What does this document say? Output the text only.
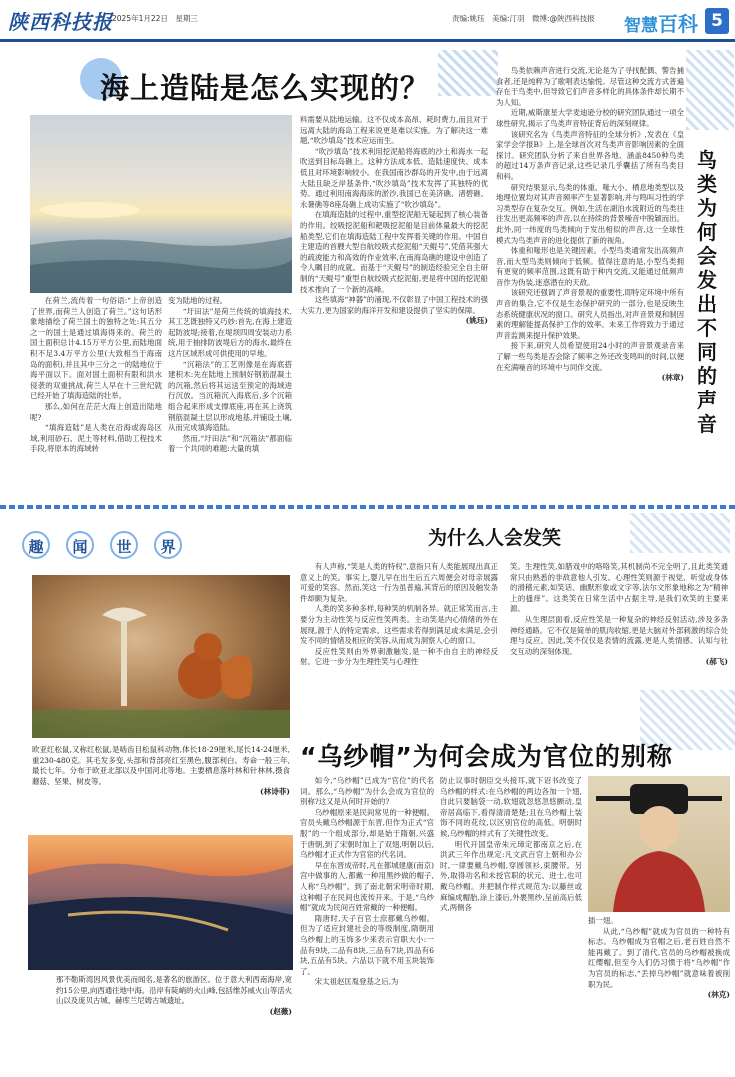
陕西科技报 2025年1月22日　星期三	责编:姚珏　美编:汀羽　微博:@陕西科技报 智慧百科 5
海上造陆是怎么实现的？

在荷兰,流传着一句俗语:“上帝创造了世界,而荷兰人创造了荷兰。”这句话形象地描绘了荷兰国土的独特之处:其五分之一的国土是通过填海得来的。荷兰的国土面积总计4.15万平方公里,而陆地面积不足3.4万平方公里(大致相当于海南岛的面积),并且其中三分之一的陆地位于海平面以下。面对国土面积有限和洪水侵袭的双重挑战,荷兰人早在十三世纪就已经开始了填海造陆的壮举。

那么,如何在茫茫大海上创造出陆地呢?

“填海造陆”是人类在沿海或海岛区域,利用砂石、泥土等材料,借助工程技术手段,将原本的海域转

变为陆地的过程。

“圩田法”是荷兰传统的填海技术,其工艺既独特又巧妙:首先,在海上建造起防波堤;接着,在堤坝四周安装动力系统,用于抽排防波堤后方的海水,最终在这片区域形成可供使用的早地。

“沉箱法”的工艺则像是在海底搭建积木:先在陆地上预制好钢筋混凝土的沉箱,然后将其运送至预定的海域进行沉放。当沉箱沉入海底后,多个沉箱组合起来形成支撑底座,再在其上浇筑钢筋混凝土层以形成地基,并铺设土壤,从而完成填海造陆。

然而,“圩田法”和“沉箱法”都面临着一个共同的难题:大量的填

料需要从陆地运输。这不仅成本高昂、耗时费力,而且对于远离大陆的海岛工程来说更是难以实施。为了解决这一难题,“吹沙填岛”技术应运而生。

“吹沙填岛”技术利用挖泥船将海底的沙土和海水一起吹送到目标岛礁上。这种方法成本低、造陆速度快、成本低且对环境影响较小。在我国南沙群岛的开发中,由于远离大陆且缺乏岸基条件,“吹沙填岛”技术发挥了其独特的优势。通过利用南海海床的淤沙,我国已在美济礁、渚碧礁、永暑礁等8座岛礁上成功实施了“吹沙填岛”。

在填海造陆的过程中,重型挖泥船无疑起到了核心装备的作用。绞吸挖泥船和耙吸挖泥船是目前体量最大的挖泥船类型,它们在填海造陆工程中发挥着关键的作用。中国自主建造的首艘大型自航绞吸式挖泥船“天鲲号”,凭借其强大的疏浚能力和高效的作业效率,在南海岛礁的建设中创造了令人瞩目的成就。而基于“天鲲号”的制造经验完全自主研制的“天鲲号”重型自航绞吸式挖泥船,更是将中国的挖泥船技术推向了一个新的高峰。

这些填海“神器”的涌现,不仅彰显了中国工程技术的强大实力,更为国家的海洋开发和建设提供了坚实的保障。

(姚珏)
鸟类为何会发出不同的声音

鸟类依赖声音进行交流,无论是为了寻找配偶、警告捕食者,还是纯粹为了歌唱表达愉悦。尽管这种交流方式普遍存在于鸟类中,但导致它们声音多样化的具体条件却长期不为人知。

近期,威斯康星大学麦迪逊分校的研究团队通过一项全球性研究,揭示了鸟类声音特征背后的深刻规律。

该研究名为《鸟类声音特征的全球分析》,发表在《皇家学会学报B》上,是全球首次对鸟类声音影响因素的全面探讨。研究团队分析了来自世界各地、涵盖8450种鸟类的超过14万条声音记录,这些记录几乎囊括了所有鸟类目和科。

研究结果显示,鸟类的体重、喙大小、栖息地类型以及地理位置均对其声音频率产生显著影响,并与鸣叫习性的学习类型存在复杂交互。例如,生活在湖泊水流附近的鸟类往往发出更高频率的声音,以在持续的背景噪音中脱颖而出。此外,同一纬度的鸟类倾向于发出相似的声音,这一全球性模式为鸟类声音的进化提供了新的视角。

体重和喙形也是关键因素。小型鸟类通常发出高频声音,而大型鸟类则倾向于低频。值得注意的是,小型鸟类拥有更宽的频率范围,这既有助于种内交流,又能通过低频声音作为伪装,迷惑潜在的天敌。

该研究还强调了声音景观的重要性,即特定环境中所有声音的集合,它不仅是生态保护研究的一部分,也是反映生态系统健康状况的窗口。研究人员指出,对声音景观和制因素的理解能提高保护工作的效率。未来工作将致力于通过声音监测来提升保护效果。

接下来,研究人员希望使用24小时的声音景观录音来了解一些鸟类是否会除了频率之外还改变鸣叫的时间,以便在充满噪音的环境中与同伴交流。

(林章)
趣	闻	世	界	为什么人会发笑
欧亚红松鼠,又称红松鼠,是啮齿目松鼠科动物,体长18-29厘米,尾长14-24厘米,重230-480克。其毛发多变,头部和背部亮红至黑色,腹部利白。寿命一般三年,最长七年。分布于欧亚北部以及中国河北等地。主要栖息落叶林和针林林,摄食蘑菇、坚果、树皮等。
(林诗菲)

有人声称,“笑是人类的特权”,意指只有人类能展现出真正意义上的笑。事实上,婴儿早在出生后五六周便会对母亲展露可爱的笑容。然而,笑这一行为虽普遍,其背后的原因及触发条件却颇为复杂。

人类的笑多种多样,每种笑的机制各异。就正常笑而言,主要分为主动性笑与反应性笑两类。主动笑是内心情绪的外在展现,源于人的特定需求。这些需求若得到满足或未满足,会引发不同的情绪及相应的笑容,从而成为洞察人心的窗口。

反应性笑则由外界刺激触发,是一种不由自主的神经反射。它进一步分为生理性笑与心理性

笑。生理性笑,如腊戏中的咯咯笑,其机制尚不完全明了,且此类笑通常只由熟悉的非敌意他人引发。心理性笑则源于视觉、听觉或身体的滑稽元素,如笑话、幽默形象或文字等,法尔文形象地称之为“精神上的搔痒”。这类笑在日常生活中占据主导,是我们欢笑的主要来源。

从生理层面看,反应性笑是一种复杂的神经反射活动,涉及多条神经通路。它不仅是简单的肌肉收缩,更是大脑对外部刺激的综合处理与反应。因此,笑不仅仅是表情的流露,更是人类情感、认知与社交互动的深刻体现。

(郝飞)
“乌纱帽”为何会成为官位的别称
那不勒斯湾因风景优美而闻名,是著名的旅游区。位于意大利西南海岸,宽约15公里,向西通往地中海。沿岸有陡峭的火山峰,包括维苏威火山等活火山以及庞贝古城、赫库兰尼姆古城遗址。
(赵薇)

如今,“乌纱帽”已成为“官位”的代名词。那么,“乌纱帽”为什么会成为官位的别称?这又是从何时开始的?

乌纱帽原来是民间常见的一种便帽。官员头戴乌纱帽源于东晋,但作为正式“官服”的一个组成部分,却是始于隋朝,兴盛于唐朝,到了宋朝时加上了双翅,明朝以后,乌纱帽才正式作为官宦的代名词。

早在东晋成帝时,凡在都城建康(南京)宫中做事的人,都戴一种用黑纱做的帽子,人称“乌纱帽”。到了南北朝宋明帝时期,这种帽子在民间也流传开来。于是,“乌纱帽”就成为民间百姓常戴的一种便帽。

隋唐时,天子百官士庶都戴乌纱帽。但为了适应封建社会的等级制度,隋朝用乌纱帽上的玉饰多少来表示官职大小:一品有9块,二品有8块,三品有7块,四品有6块,五品有5块。六品以下就不用玉块装饰了。

宋太祖赵匡胤登基之后,为

防止议事时朝臣交头接耳,就下诏书改变了乌纱帽的样式:在乌纱帽的两边各加一个翅,自此只要脑袋一动,软翅就忽悠忽悠颤动,皇帝居高临下,看得清清楚楚;且在乌纱帽上装饰不同的花纹,以区别官位的高低。明朝时候,乌纱帽的样式有了关键性改变。

明代开国皇帝朱元璋定都南京之后,在洪武三年作出规定:凡文武百官上朝和办公时,一律要戴乌纱帽,穿圆领衫,束腰带。另外,取得功名和未授官职的状元、进士,也可戴乌纱帽。并把制作样式规范为:以藤丝或麻编成帽胎,涂上漆后,外裹黑纱,呈前高后低式,两侧各

插一翅。

从此,“乌纱帽”就成为官员的一种特有标志。乌纱帽成为官帽之后,老百姓自然不能再戴了。到了清代,官员的乌纱帽被换成红缨帽,但至今人们仍习惯于将“乌纱帽”作为官员的标志,“丢掉乌纱帽”就意味着被削职为民。

(林克)
